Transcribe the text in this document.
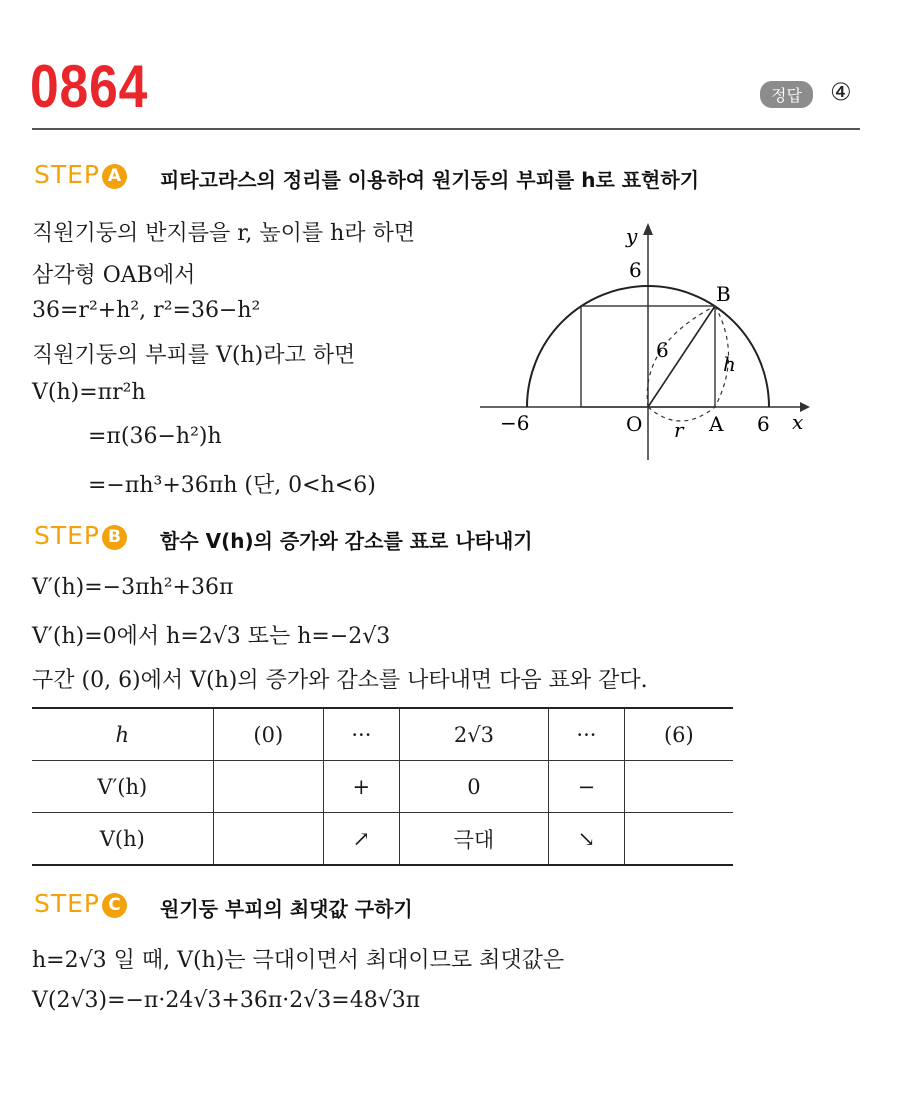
0864	정답	④
STEP A 피타고라스의 정리를 이용하여 원기둥의 부피를 h로 표현하기
직원기둥의 반지름을 r, 높이를 h라 하면
삼각형 OAB에서
36=r²+h², r²=36−h²
직원기둥의 부피를 V(h)라고 하면
V(h)=πr²h
=π(36−h²)h
=−πh³+36πh (단, 0<h<6)
y
6
B
6
h
−6	O r A 6 x
STEP B	함수 V(h)의 증가와 감소를 표로 나타내기
V′(h)=−3πh²+36π
V′(h)=0에서 h=2√3 또는 h=−2√3
구간 (0, 6)에서 V(h)의 증가와 감소를 나타내면 다음 표와 같다.
h	(0)	···	2√3	···	(6)
V′(h)		+	0	−	
V(h)		↗	극대	↘	
STEP C	원기둥 부피의 최댓값 구하기
h=2√3 일 때, V(h)는 극대이면서 최대이므로 최댓값은
V(2√3)=−π·24√3+36π·2√3=48√3π
